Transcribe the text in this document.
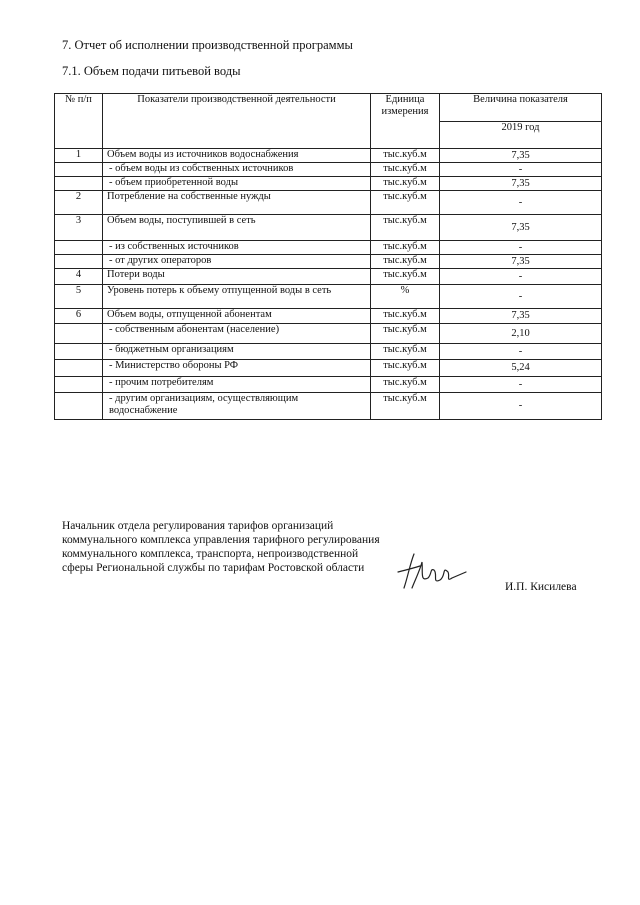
7. Отчет об исполнении производственной программы
7.1. Объем подачи питьевой воды
№ п/п	Показатели производственной деятельности	Единица измерения	Величина показателя
			2019 год
1	Объем воды из источников водоснабжения	тыс.куб.м	7,35
	- объем воды из собственных источников	тыс.куб.м	-
	- объем приобретенной воды	тыс.куб.м	7,35
2	Потребление на собственные нужды	тыс.куб.м	-
3	Объем воды, поступившей в сеть	тыс.куб.м	7,35
	- из собственных источников	тыс.куб.м	-
	- от других операторов	тыс.куб.м	7,35
4	Потери воды	тыс.куб.м	-
5	Уровень потерь к объему отпущенной воды в сеть	%	-
6	Объем воды, отпущенной абонентам	тыс.куб.м	7,35
	- собственным абонентам (население)	тыс.куб.м	2,10
	- бюджетным организациям	тыс.куб.м	-
	- Министерство обороны РФ	тыс.куб.м	5,24
	- прочим потребителям	тыс.куб.м	-
	- другим организациям, осуществляющим водоснабжение	тыс.куб.м	-
Начальник отдела регулирования тарифов организаций коммунального комплекса управления тарифного регулирования коммунального комплекса, транспорта, непроизводственной сферы Региональной службы по тарифам Ростовской области
И.П. Кисилева
